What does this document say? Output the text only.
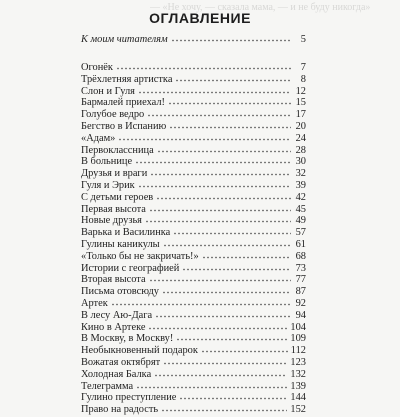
— «Не хочу, — сказала мама, — и не буду никогда»
ОГЛАВЛЕНИЕ
К моим читателям	5
Огонёк	7
Трёхлетняя артистка	8
Слон и Гуля	12
Бармалей приехал!	15
Голубое ведро	17
Бегство в Испанию	20
«Адам»	24
Первоклассница	28
В больнице	30
Друзья и враги	32
Гуля и Эрик	39
С детьми героев	42
Первая высота	45
Новые друзья	49
Варька и Василинка	57
Гулины каникулы	61
«Только бы не закричать!»	68
Истории с географией	73
Вторая высота	77
Письма отовсюду	87
Артек	92
В лесу Аю-Дага	94
Кино в Артеке	104
В Москву, в Москву!	109
Необыкновенный подарок	112
Вожатая октябрят	123
Холодная Балка	132
Телеграмма	139
Гулино преступление	144
Право на радость	152
